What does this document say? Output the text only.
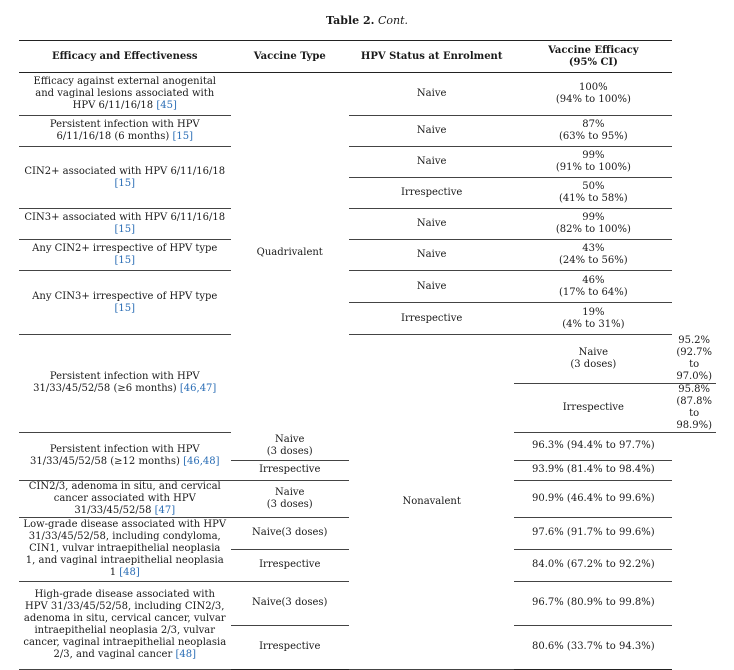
Table 2. Cont.
Efficacy and Effectiveness	Vaccine Type	HPV Status at Enrolment	Vaccine Efficacy
(95% CI)	
Efficacy against external anogenital and vaginal lesions associated with HPV 6/11/16/18 [45]	Quadrivalent	Naive	100%
(94% to 100%)	
Persistent infection with HPV 6/11/16/18 (6 months) [15]		Naive	87%
(63% to 95%)	
CIN2+ associated with HPV 6/11/16/18 [15]		Naive	99%
(91% to 100%)	
		Irrespective	50%
(41% to 58%)	
CIN3+ associated with HPV 6/11/16/18 [15]		Naive	99%
(82% to 100%)	
Any CIN2+ irrespective of HPV type [15]		Naive	43%
(24% to 56%)	
Any CIN3+ irrespective of HPV type [15]		Naive	46%
(17% to 64%)	
		Irrespective	19%
(4% to 31%)	
Persistent infection with HPV 31/33/45/52/58 (≥6 months) [46,47]		Nonavalent	Naive
(3 doses)	95.2% (92.7% to 97.0%)
			Irrespective	95.8% (87.8% to 98.9%)
Persistent infection with HPV 31/33/45/52/58 (≥12 months) [46,48]	Naive
(3 doses)		96.3% (94.4% to 97.7%)	
	Irrespective		93.9% (81.4% to 98.4%)	
CIN2/3, adenoma in situ, and cervical cancer associated with HPV 31/33/45/52/58 [47]	Naive
(3 doses)		90.9% (46.4% to 99.6%)	
Low-grade disease associated with HPV 31/33/45/52/58, including condyloma, CIN1, vulvar intraepithelial neoplasia 1, and vaginal intraepithelial neoplasia 1 [48]	Naive(3 doses)		97.6% (91.7% to 99.6%)	
	Irrespective		84.0% (67.2% to 92.2%)	
High-grade disease associated with HPV 31/33/45/52/58, including CIN2/3, adenoma in situ, cervical cancer, vulvar intraepithelial neoplasia 2/3, vulvar cancer, vaginal intraepithelial neoplasia 2/3, and vaginal cancer [48]	Naive(3 doses)		96.7% (80.9% to 99.8%)	
	Irrespective		80.6% (33.7% to 94.3%)	
